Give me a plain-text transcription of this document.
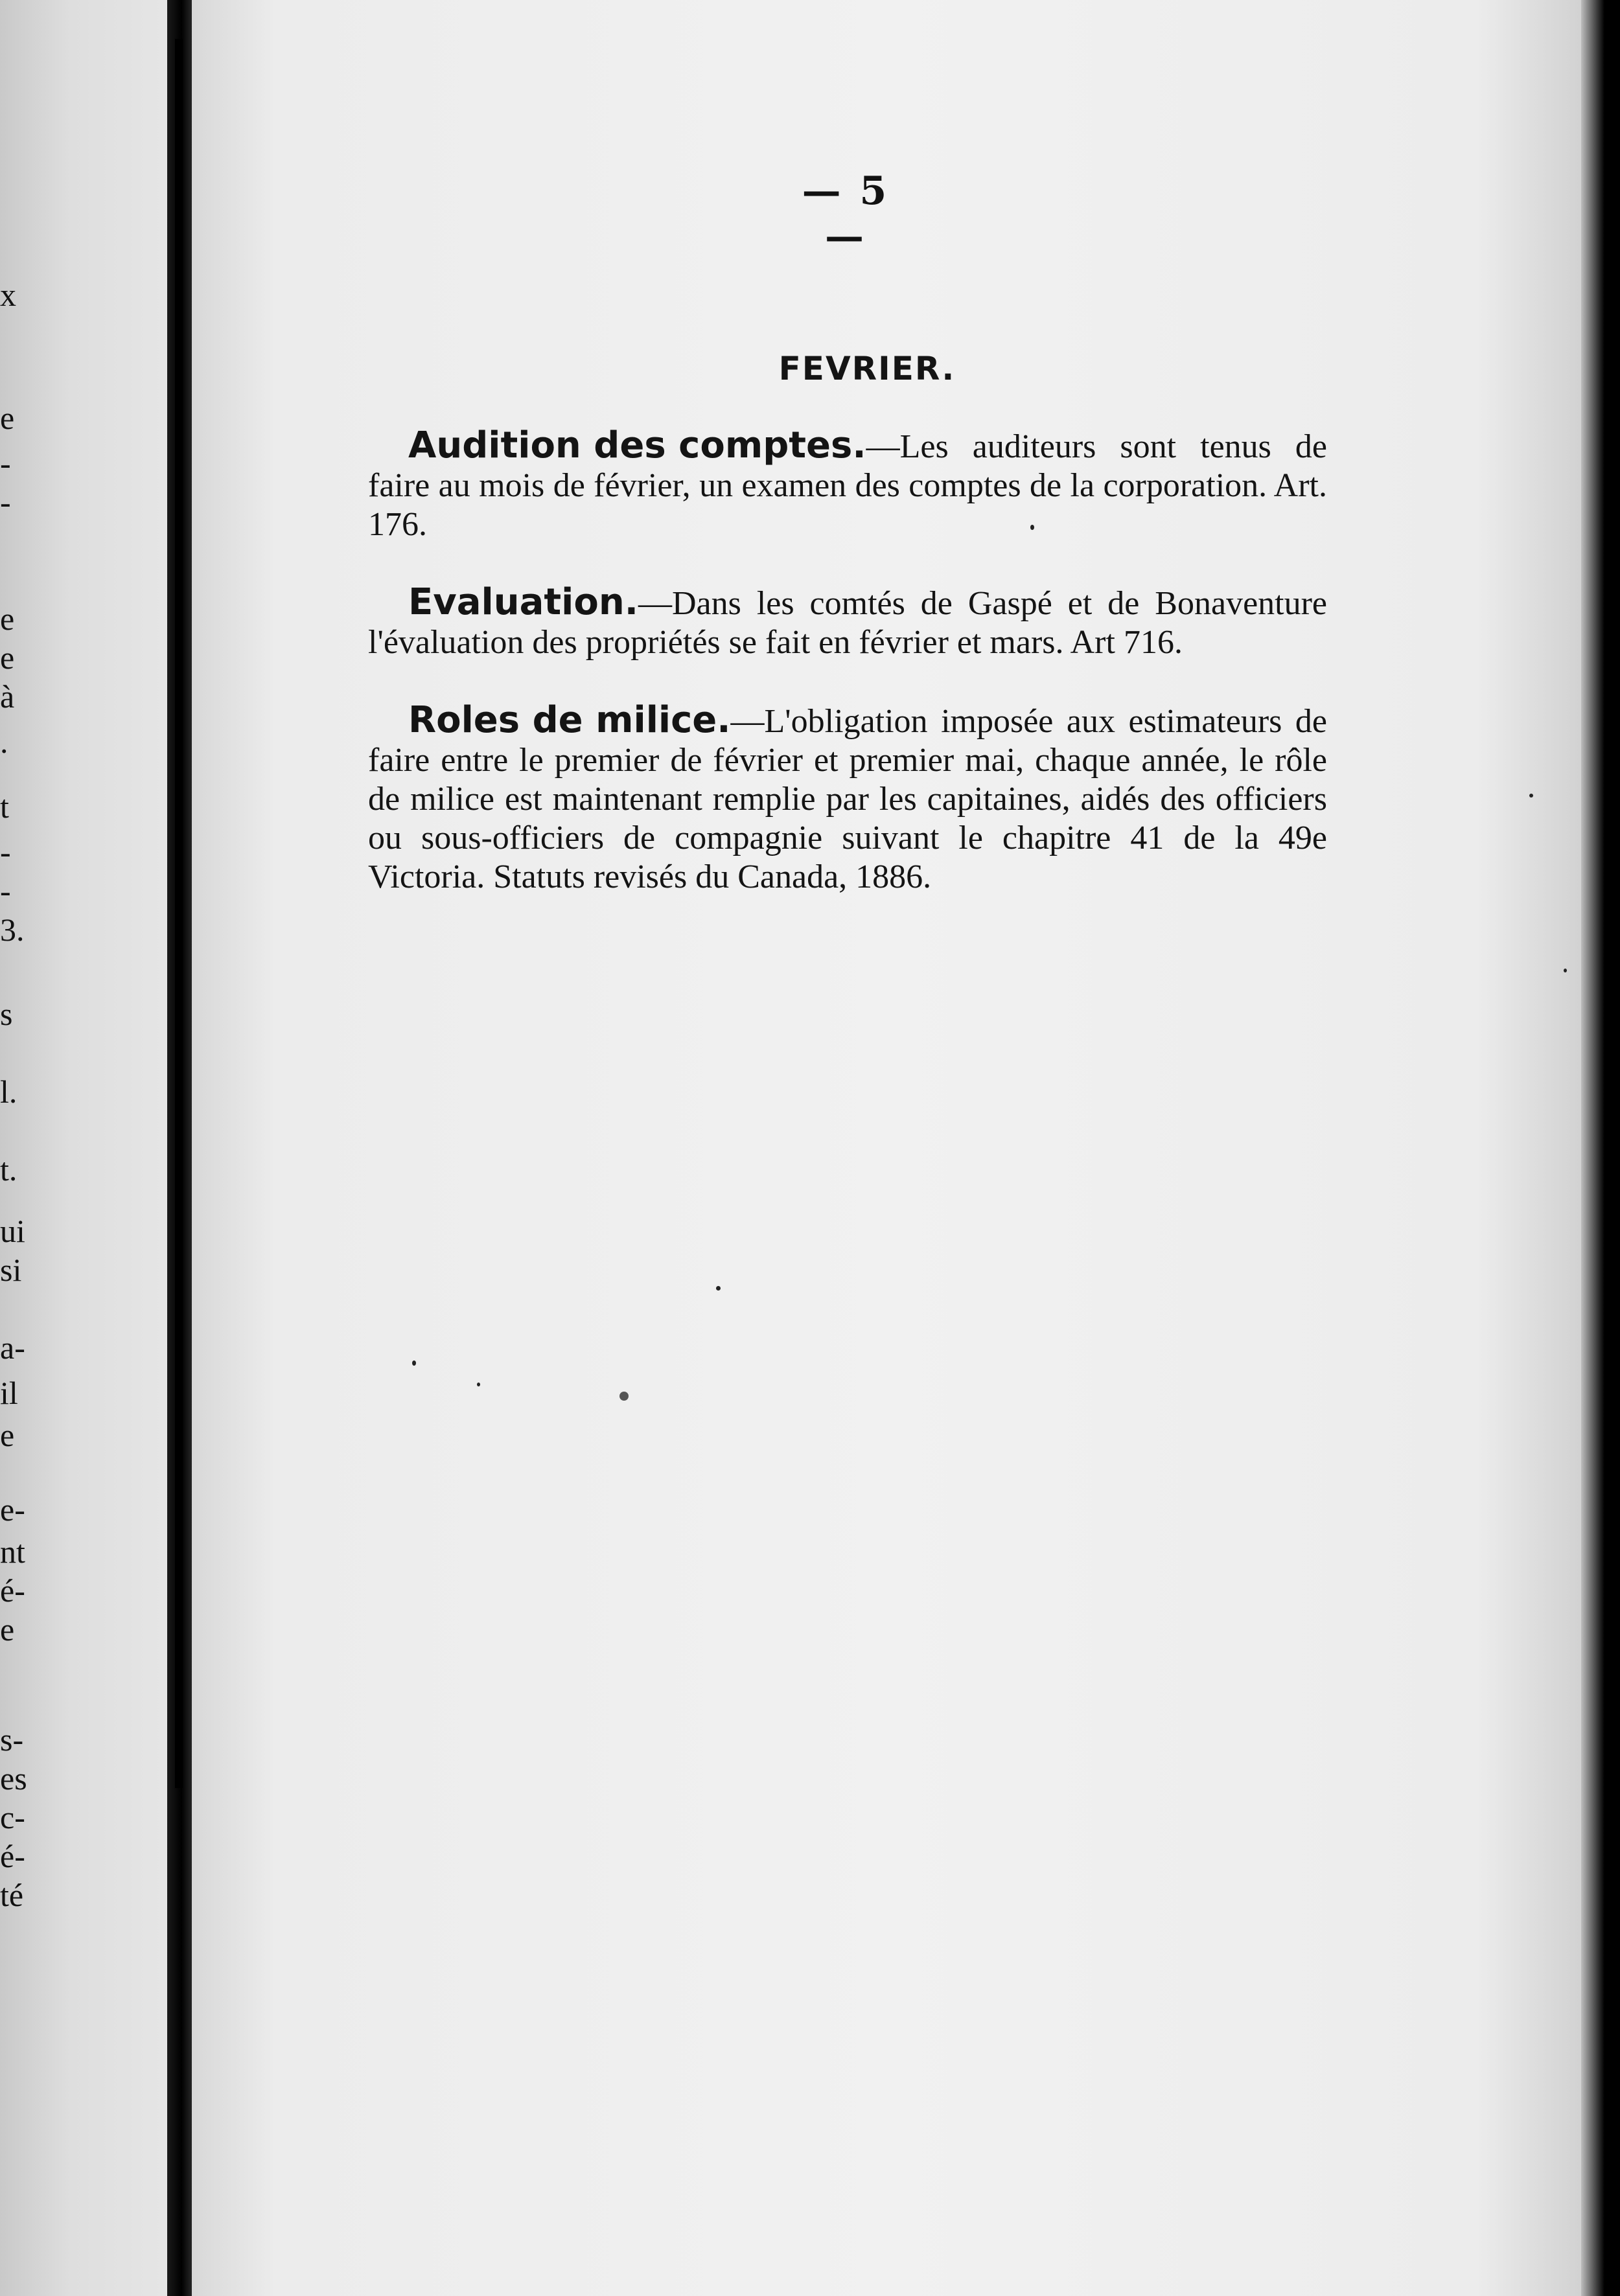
x
e
-
-
e
e
à
.
t
-
-
3.
s
l.
t.
ui
si
a-
il
e
e-
nt
é-
e
s-
es
c-
é-
té
— 5 —
FEVRIER.

Audition des comptes.—Les auditeurs sont tenus de faire au mois de février, un examen des comptes de la corporation. Art. 176.

Evaluation.—Dans les comtés de Gaspé et de Bonaventure l'évaluation des propriétés se fait en février et mars. Art 716.

Roles de milice.—L'obligation imposée aux estimateurs de faire entre le premier de février et premier mai, chaque année, le rôle de milice est maintenant remplie par les capitaines, aidés des officiers ou sous-officiers de compagnie suivant le chapitre 41 de la 49e Victoria. Statuts revisés du Canada, 1886.
